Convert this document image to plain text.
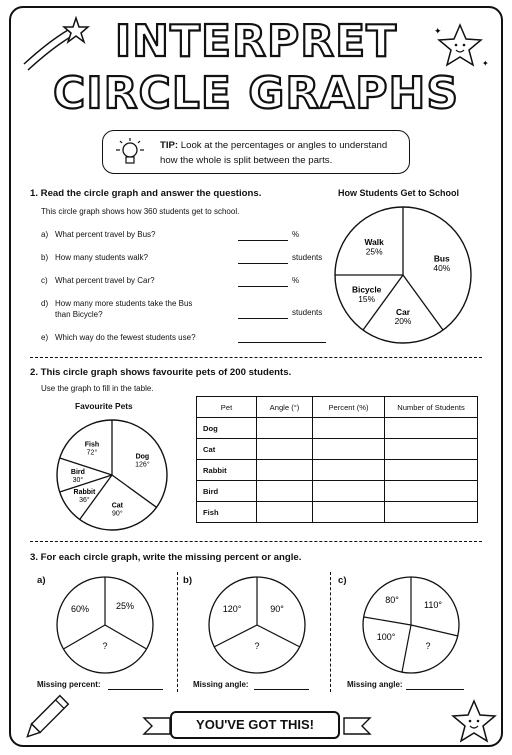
✦
✦
INTERPRET
CIRCLE GRAPHS
TIP: Look at the percentages or angles to understand how the whole is split between the parts.
1. Read the circle graph and answer the questions.
This circle graph shows how 360 students get to school.
a) What percent travel by Bus?	%
b) How many students walk?	students
c) What percent travel by Car?	%
d) How many more students take the Bus
than Bicycle?	students
e) Which way do the fewest students use?
How Students Get to School
Walk
25%
Bus
40%
Car
20%
Bicycle
15%
2. This circle graph shows favourite pets of 200 students.
Use the graph to fill in the table.
Favourite Pets
Dog
126°
Cat
90°
Rabbit
36°
Bird
30°
Fish
72°
Pet	Angle (°)	Percent (%)	Number of Students
Dog			
Cat			
Rabbit			
Bird			
Fish			
3. For each circle graph, write the missing percent or angle.
a)
60%	25%
?
Missing percent:
b)
120°	90°
?
Missing angle:
c)
80°	110°
100°
?
Missing angle:
YOU'VE GOT THIS!
